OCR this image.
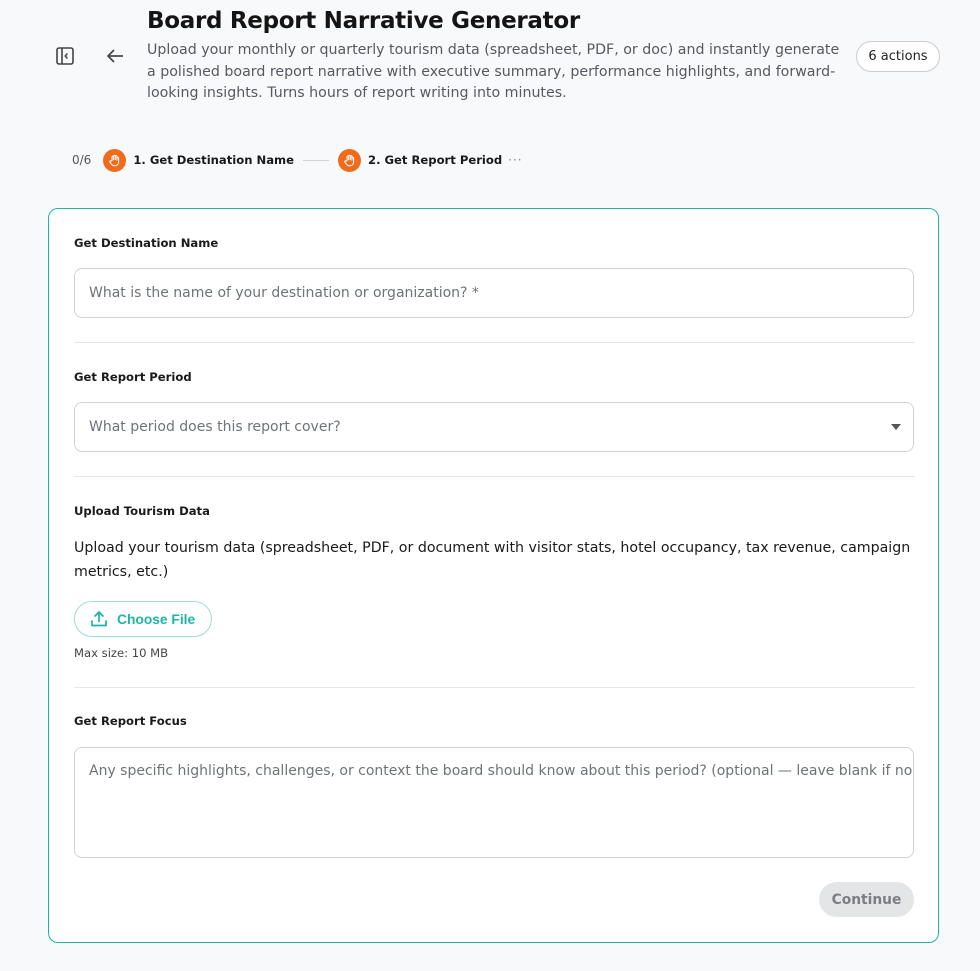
Board Report Narrative Generator
Upload your monthly or quarterly tourism data (spreadsheet, PDF, or doc) and instantly generate a polished board report narrative with executive summary, performance highlights, and forward-looking insights. Turns hours of report writing into minutes.
6 actions
0/6	1. Get Destination Name	2. Get Report Period ···
Get Destination Name
What is the name of your destination or organization? *
Get Report Period
What period does this report cover?
Upload Tourism Data
Upload your tourism data (spreadsheet, PDF, or document with visitor stats, hotel occupancy, tax revenue, campaign metrics, etc.)
Choose File
Max size: 10 MB
Get Report Focus
Any specific highlights, challenges, or context the board should know about this period? (optional — leave blank if no...
Continue
